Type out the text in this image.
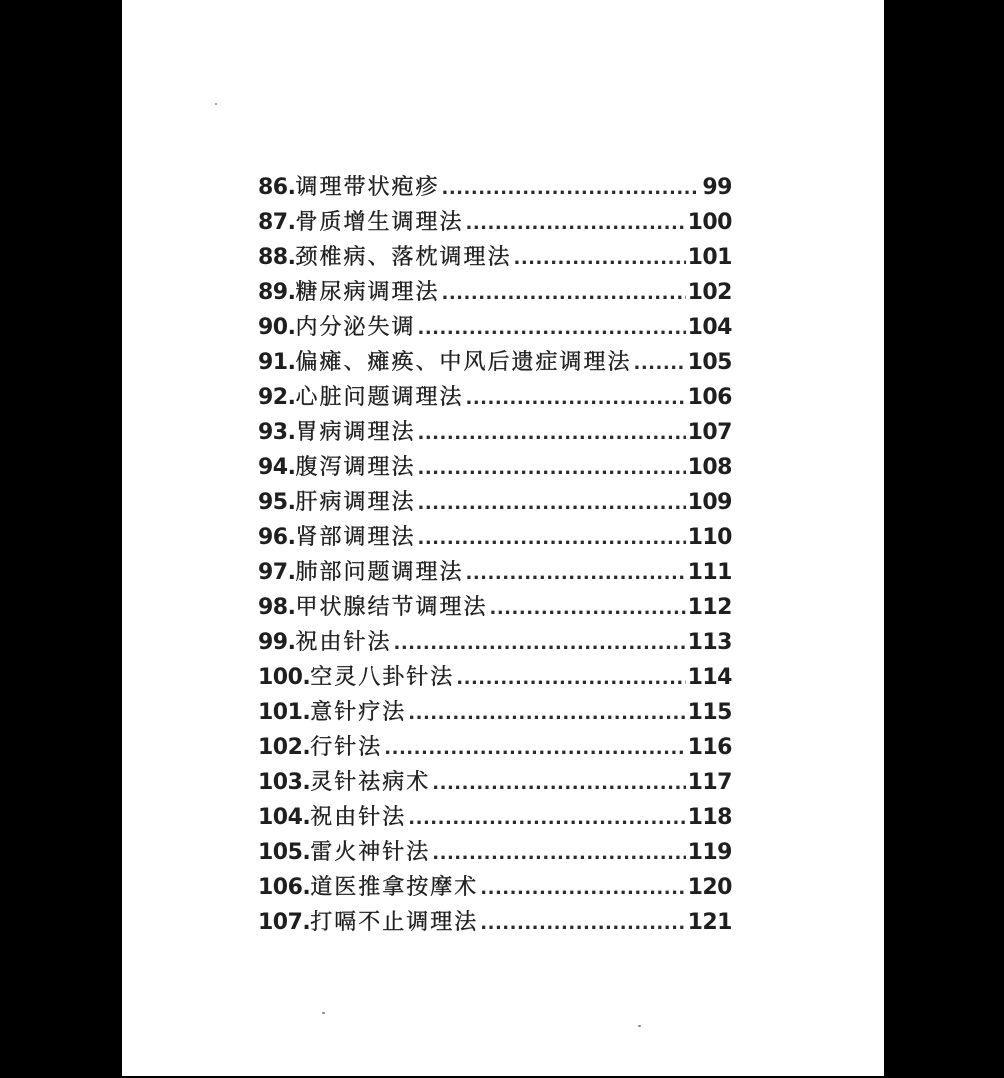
86. 调理带状疱疹 .....	99
87. 骨质增生调理法 .....	100
88. 颈椎病、落枕调理法 .....	101
89. 糖尿病调理法 .....	102
90. 内分泌失调 .....	104
91. 偏瘫、瘫痪、中风后遗症调理法 .....	105
92. 心脏问题调理法 .....	106
93. 胃病调理法 .....	107
94. 腹泻调理法 .....	108
95. 肝病调理法 .....	109
96. 肾部调理法 .....	110
97. 肺部问题调理法 .....	111
98. 甲状腺结节调理法 .....	112
99. 祝由针法 .....	113
100. 空灵八卦针法 .....	114
101. 意针疗法 .....	115
102. 行针法 .....	116
103. 灵针祛病术 .....	117
104. 祝由针法 .....	118
105. 雷火神针法 .....	119
106. 道医推拿按摩术 .....	120
107. 打嗝不止调理法 .....	121
